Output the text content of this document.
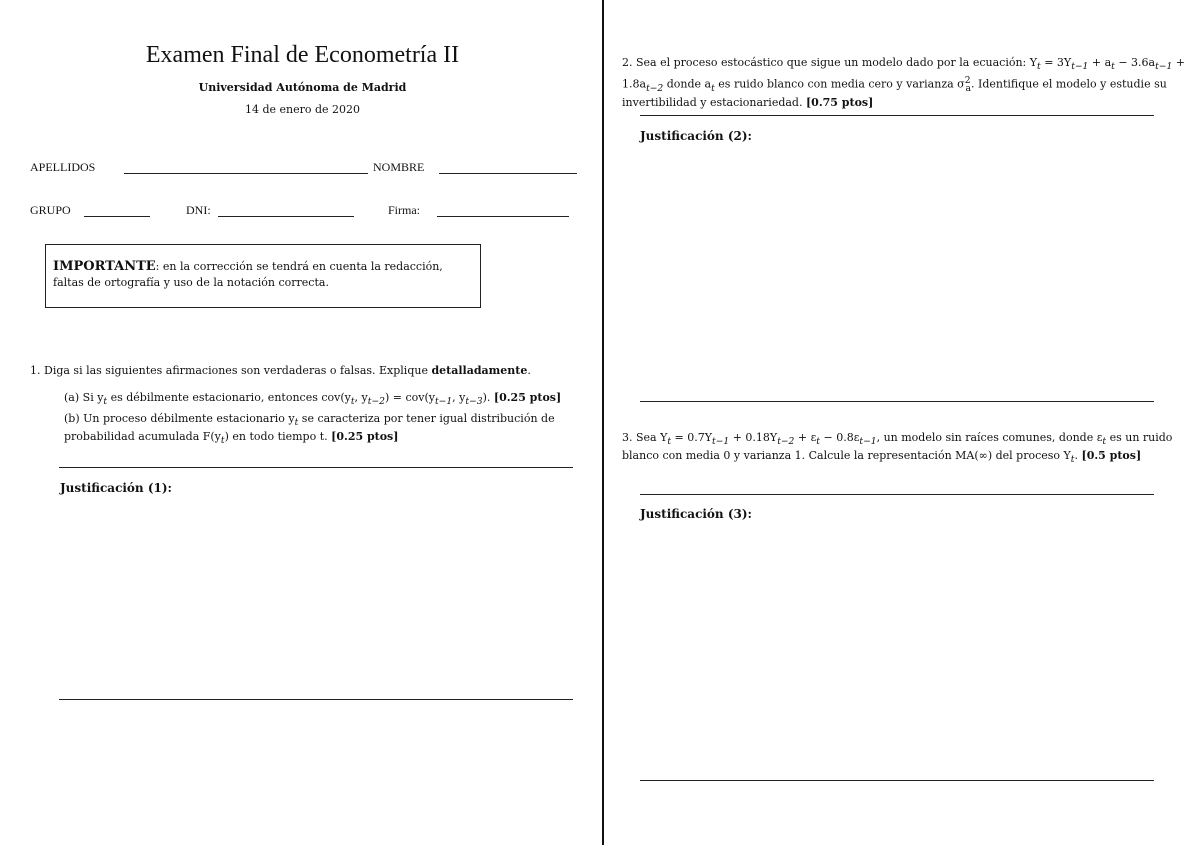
Examen Final de Econometría II
Universidad Autónoma de Madrid
14 de enero de 2020
APELLIDOS	NOMBRE
GRUPO	DNI:	Firma:
IMPORTANTE: en la corrección se tendrá en cuenta la redacción, faltas de ortografía y uso de la notación correcta.
1. Diga si las siguientes afirmaciones son verdaderas o falsas. Explique detalladamente.
(a) Si $y_t$ es débilmente estacionario, entonces $cov(y_t$, $y_{t-2}) = cov(y_{t-1}$, $y_{t-3}$). [0.25 ptos]
(b) Un proceso débilmente estacionario $y_t$ se caracteriza por tener igual distribución de probabilidad acumulada $F(y_t)$ en todo tiempo t. [0.25 ptos]
Justificación (1):
2. Sea el proceso estocástico que sigue un modelo dado por la ecuación: $Y_t = 3Y_{t-1} + a_t - 3.6a_{t-1} + 1.8a_{t-2}$ donde $a_t$ es ruido blanco con media cero y varianza $\sigma^2_a$. Identifique el modelo y estudie su invertibilidad y estacionariedad. [0.75 ptos]
Justificación (2):
3. Sea $Y_t = 0.7Y_{t-1} + 0.18Y_{t-2} + \varepsilon_t - 0.8\varepsilon_{t-1}$, un modelo sin raíces comunes, donde $\varepsilon_t$ es un ruido blanco con media 0 y varianza 1. Calcule la representación MA(∞) del proceso $Y_t$. [0.5 ptos]
Justificación (3):
